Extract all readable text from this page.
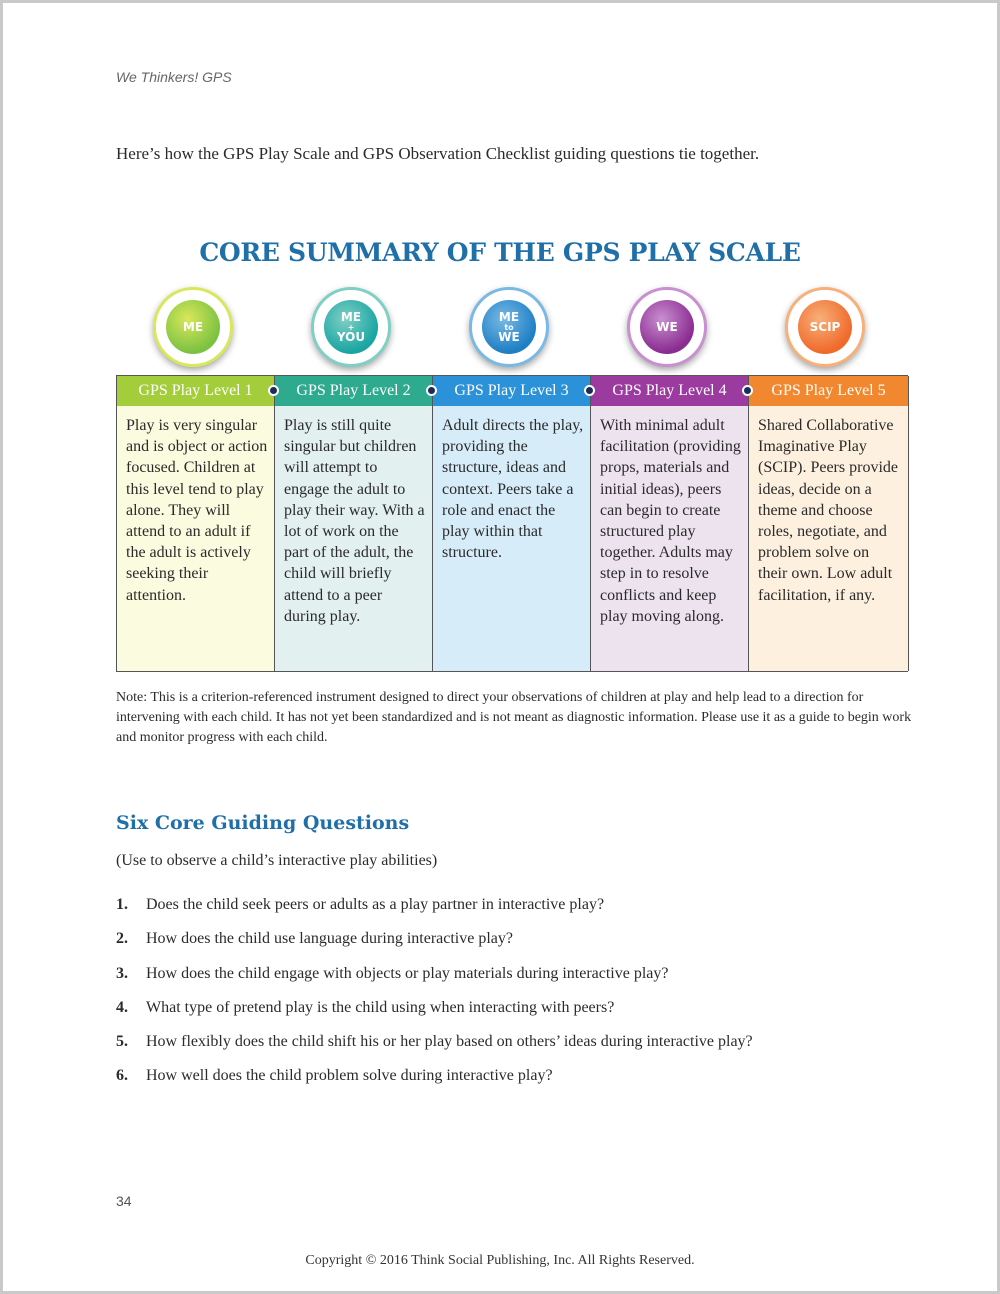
We Thinkers! GPS
Here’s how the GPS Play Scale and GPS Observation Checklist guiding questions tie together.
CORE SUMMARY OF THE GPS PLAY SCALE
ME
ME
+
YOU
ME
to
WE
WE	SCIP
GPS Play Level 1
Play is very singular and is object or action focused. Children at this level tend to play alone. They will attend to an adult if the adult is actively seeking their attention.
GPS Play Level 2
Play is still quite singular but children will attempt to engage the adult to play their way. With a lot of work on the part of the adult, the child will briefly attend to a peer during play.
GPS Play Level 3
Adult directs the play, providing the structure, ideas and context. Peers take a role and enact the play within that structure.
GPS Play Level 4
With minimal adult facilitation (providing props, materials and initial ideas), peers can begin to create structured play together. Adults may step in to resolve conflicts and keep play moving along.
GPS Play Level 5
Shared Collaborative Imaginative Play (SCIP). Peers provide ideas, decide on a theme and choose roles, negotiate, and problem solve on their own. Low adult facilitation, if any.
Note: This is a criterion-referenced instrument designed to direct your observations of children at play and help lead to a direction for intervening with each child. It has not yet been standardized and is not meant as diagnostic information. Please use it as a guide to begin work and monitor progress with each child.
Six Core Guiding Questions
(Use to observe a child’s interactive play abilities)
1. Does the child seek peers or adults as a play partner in interactive play?
2. How does the child use language during interactive play?
3. How does the child engage with objects or play materials during interactive play?
4. What type of pretend play is the child using when interacting with peers?
5. How flexibly does the child shift his or her play based on others’ ideas during interactive play?
6. How well does the child problem solve during interactive play?
34
Copyright © 2016 Think Social Publishing, Inc. All Rights Reserved.
